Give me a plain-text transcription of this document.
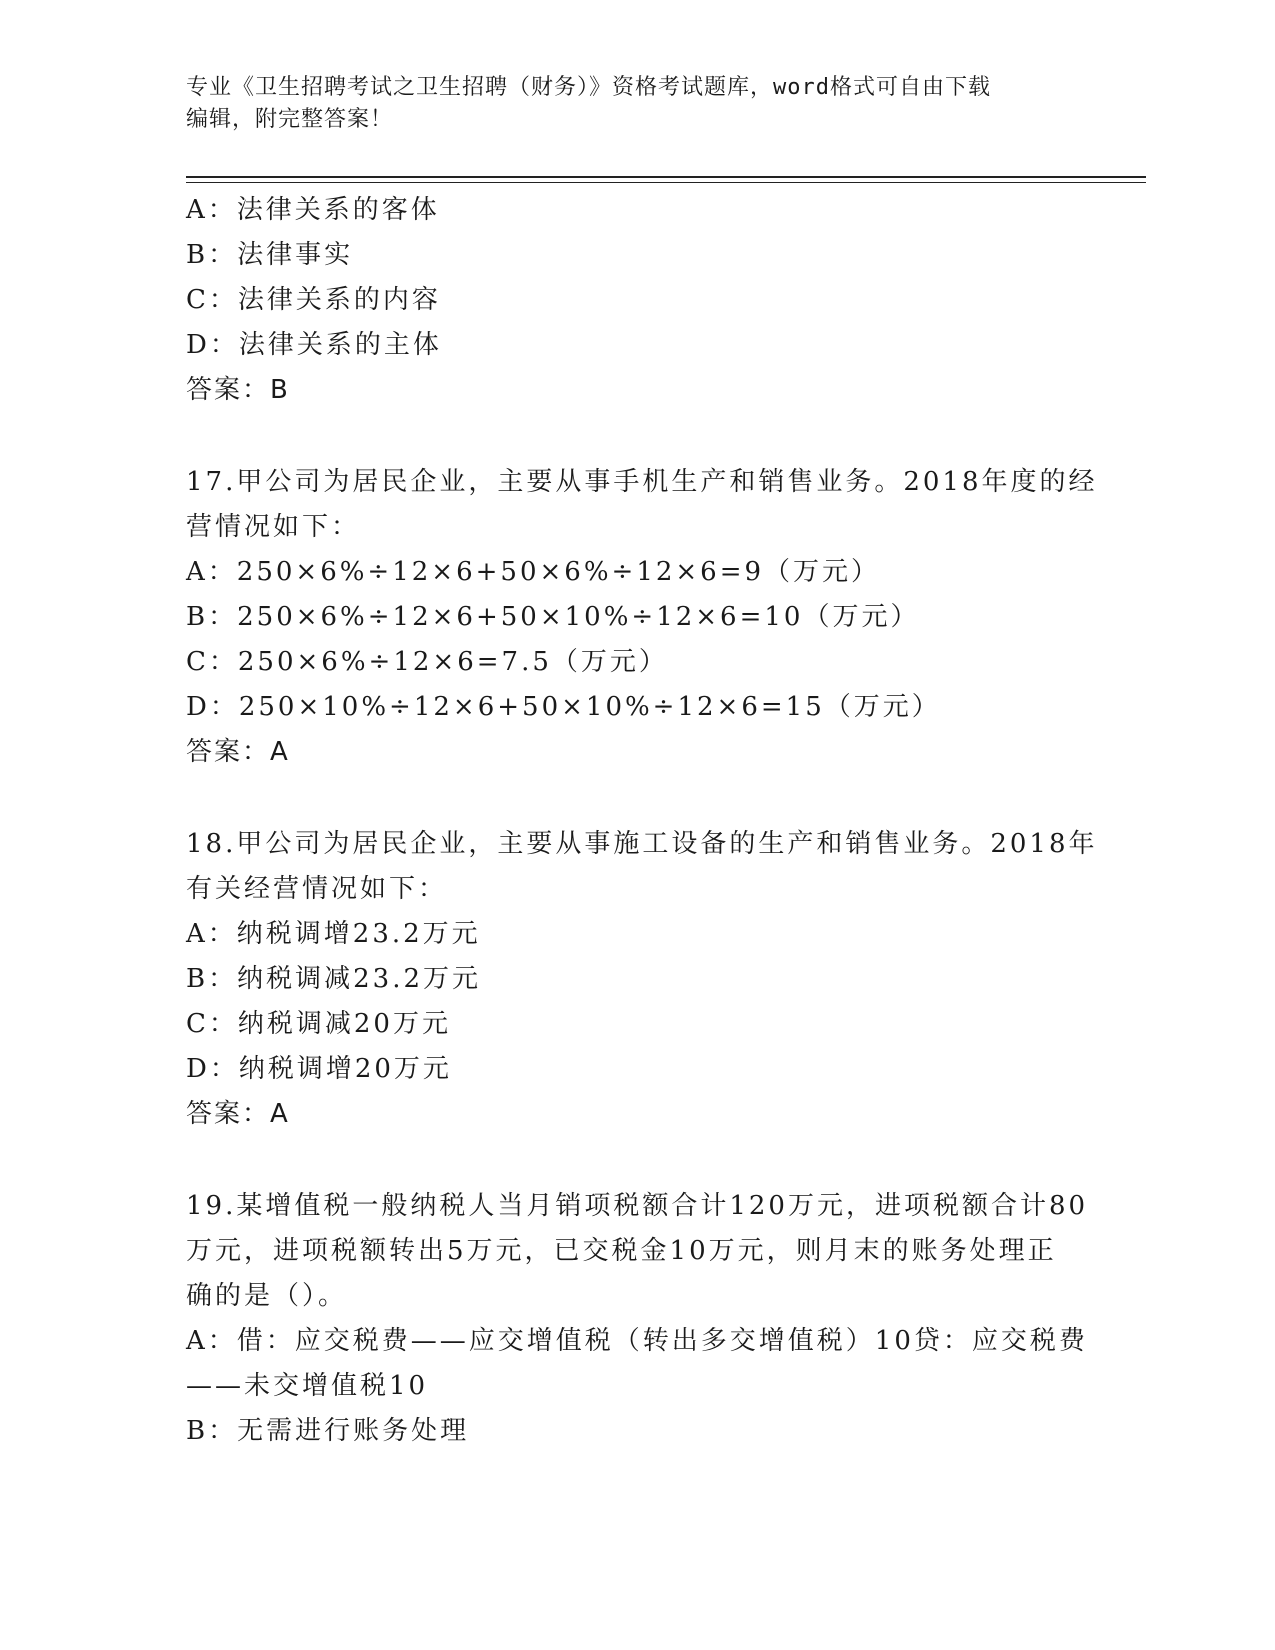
专业《卫生招聘考试之卫生招聘（财务）》资格考试题库，word格式可自由下载
编辑，附完整答案！
A：法律关系的客体
B：法律事实
C：法律关系的内容
D：法律关系的主体
答案：B
17.甲公司为居民企业，主要从事手机生产和销售业务。2018年度的经
营情况如下：
A：250×6%÷12×6+50×6%÷12×6=9（万元）
B：250×6%÷12×6+50×10%÷12×6=10（万元）
C：250×6%÷12×6=7.5（万元）
D：250×10%÷12×6+50×10%÷12×6=15（万元）
答案：A
18.甲公司为居民企业，主要从事施工设备的生产和销售业务。2018年
有关经营情况如下：
A：纳税调增23.2万元
B：纳税调减23.2万元
C：纳税调减20万元
D：纳税调增20万元
答案：A
19.某增值税一般纳税人当月销项税额合计120万元，进项税额合计80
万元，进项税额转出5万元，已交税金10万元，则月末的账务处理正
确的是（）。
A：借：应交税费——应交增值税（转出多交增值税）10贷：应交税费
——未交增值税10
B：无需进行账务处理
